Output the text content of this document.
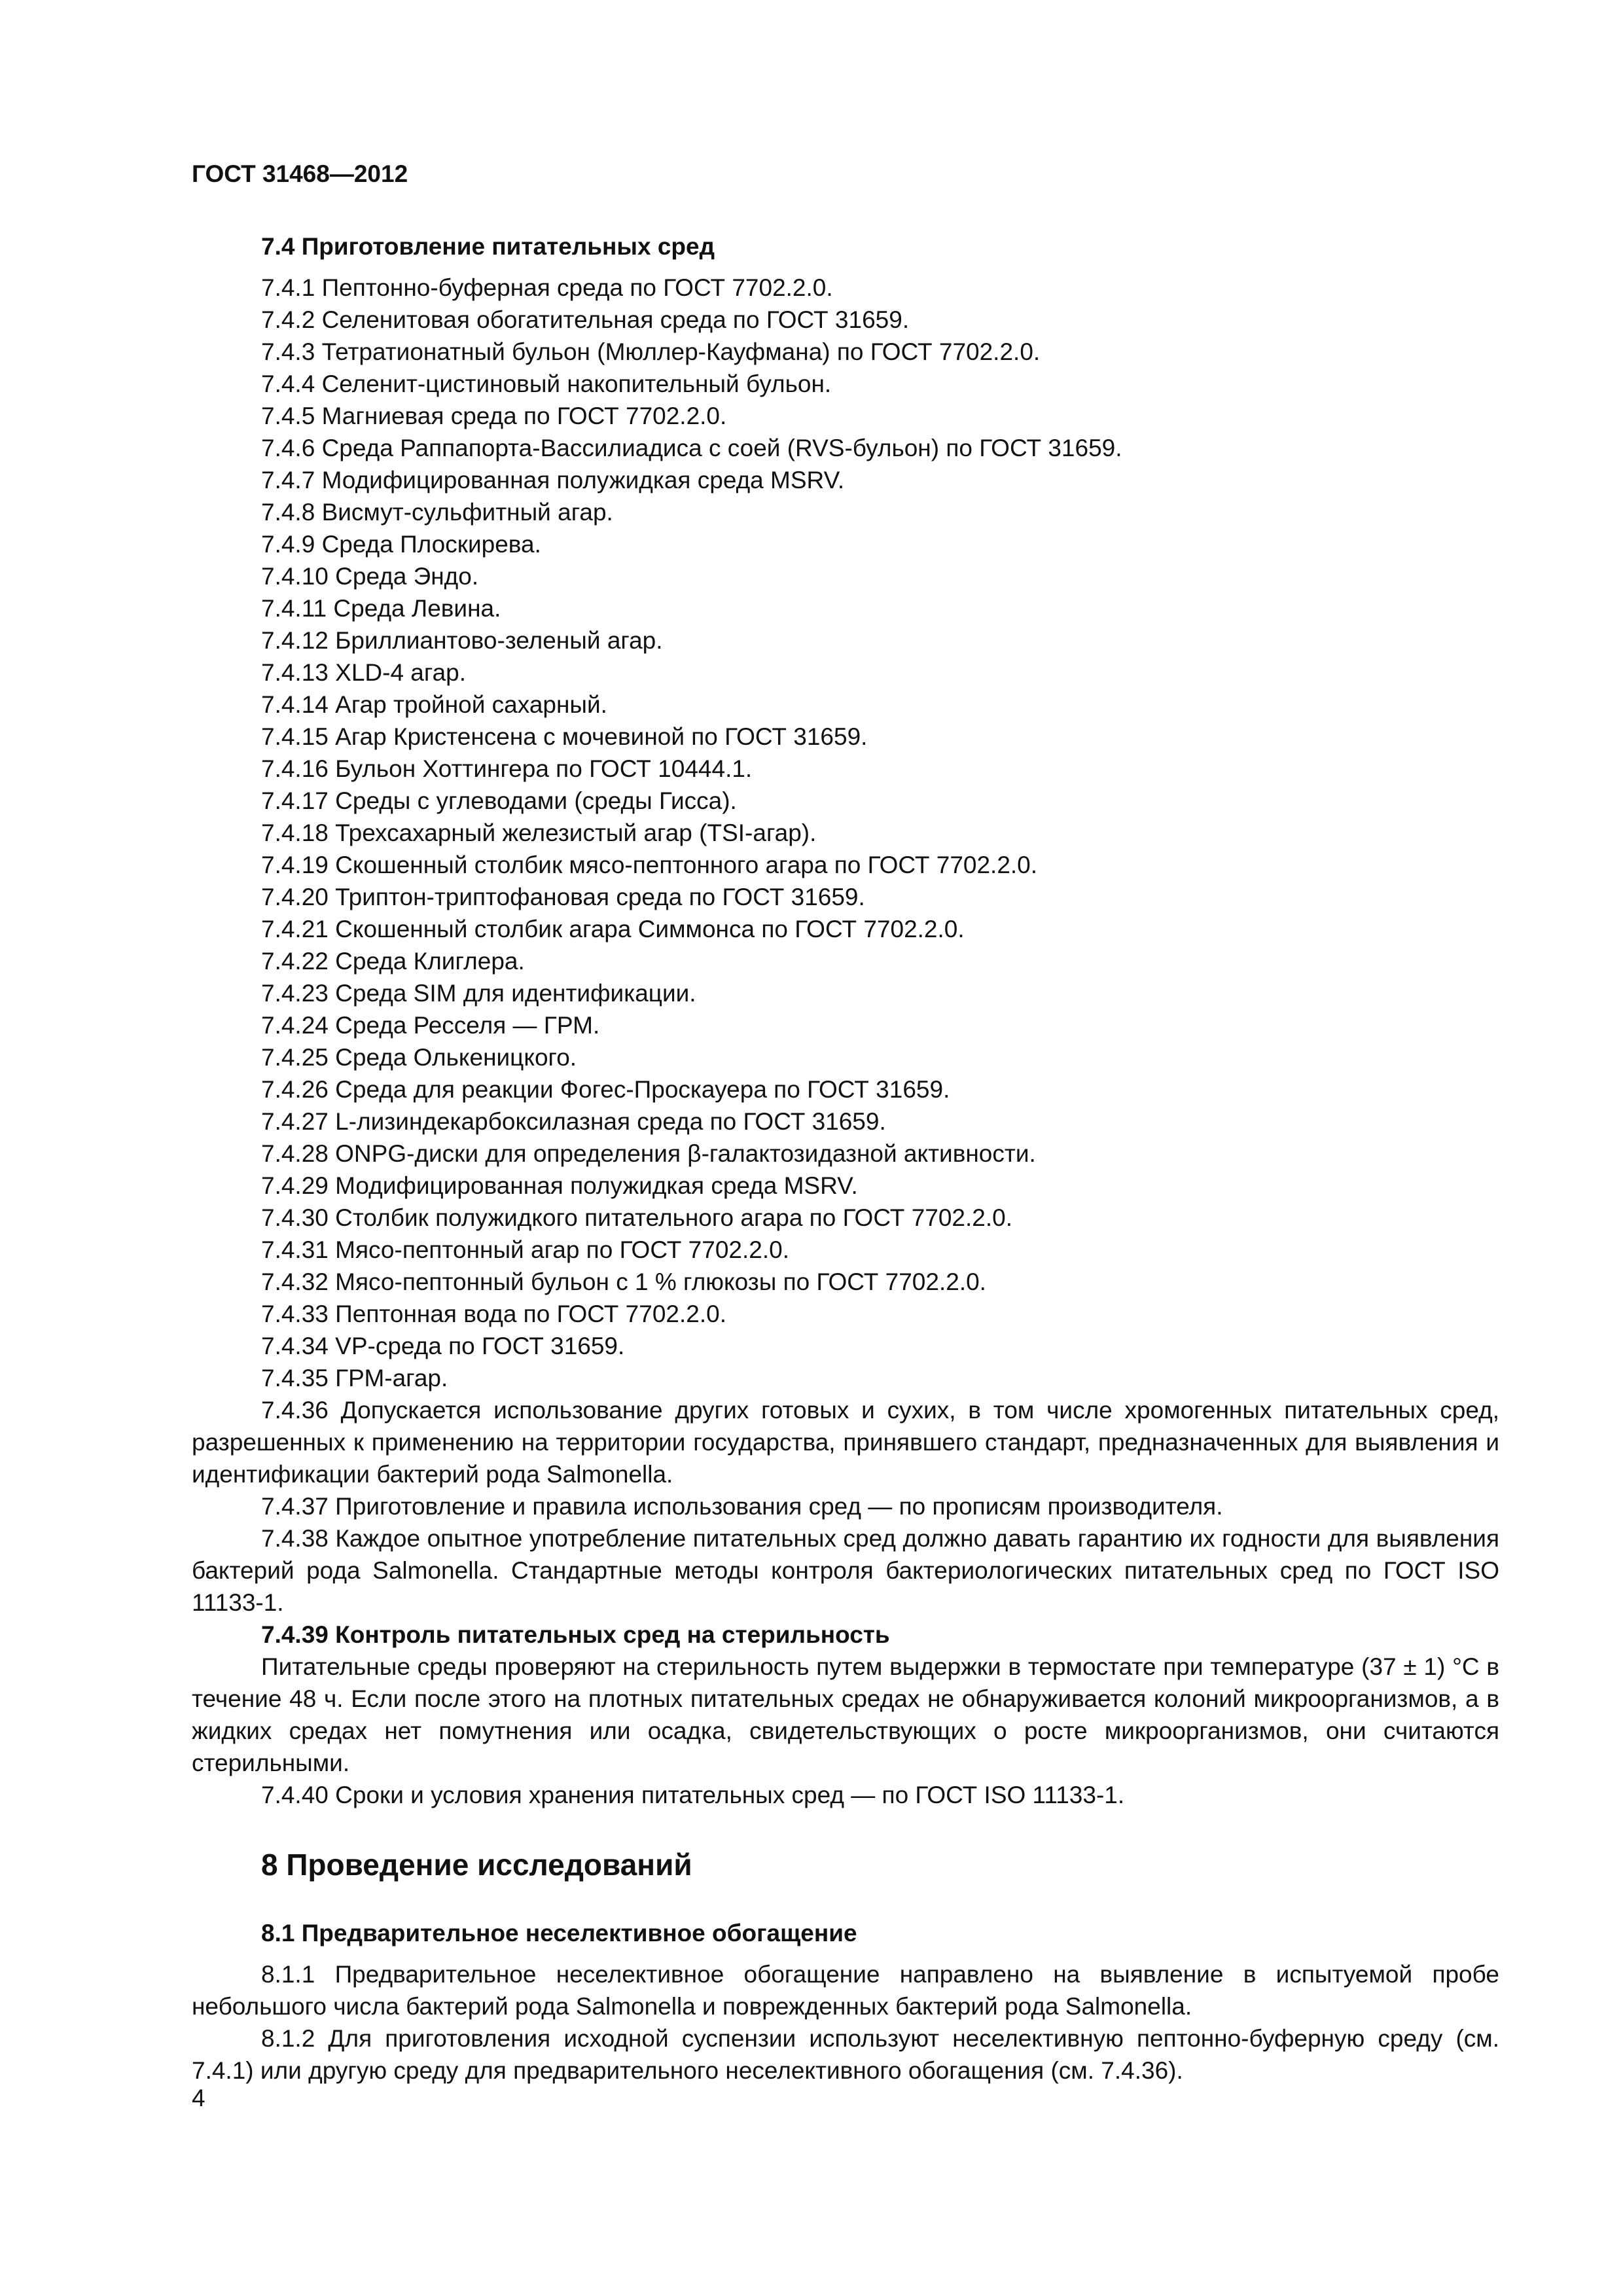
ГОСТ 31468—2012
7.4 Приготовление питательных сред
7.4.1 Пептонно-буферная среда по ГОСТ 7702.2.0.
7.4.2 Селенитовая обогатительная среда по ГОСТ 31659.
7.4.3 Тетратионатный бульон (Мюллер-Кауфмана) по ГОСТ 7702.2.0.
7.4.4 Селенит-цистиновый накопительный бульон.
7.4.5 Магниевая среда по ГОСТ 7702.2.0.
7.4.6 Среда Раппапорта-Вассилиадиса с соей (RVS-бульон) по ГОСТ 31659.
7.4.7 Модифицированная полужидкая среда MSRV.
7.4.8 Висмут-сульфитный агар.
7.4.9 Среда Плоскирева.
7.4.10 Среда Эндо.
7.4.11 Среда Левина.
7.4.12 Бриллиантово-зеленый агар.
7.4.13 XLD-4 агар.
7.4.14 Агар тройной сахарный.
7.4.15 Агар Кристенсена с мочевиной по ГОСТ 31659.
7.4.16 Бульон Хоттингера по ГОСТ 10444.1.
7.4.17 Среды с углеводами (среды Гисса).
7.4.18 Трехсахарный железистый агар (TSI-агар).
7.4.19 Скошенный столбик мясо-пептонного агара по ГОСТ 7702.2.0.
7.4.20 Триптон-триптофановая среда по ГОСТ 31659.
7.4.21 Скошенный столбик агара Симмонса по ГОСТ 7702.2.0.
7.4.22 Среда Клиглера.
7.4.23 Среда SIM для идентификации.
7.4.24 Среда Ресселя — ГРМ.
7.4.25 Среда Олькеницкого.
7.4.26 Среда для реакции Фогес-Проскауера по ГОСТ 31659.
7.4.27 L-лизиндекарбоксилазная среда по ГОСТ 31659.
7.4.28 ONPG-диски для определения β-галактозидазной активности.
7.4.29 Модифицированная полужидкая среда MSRV.
7.4.30 Столбик полужидкого питательного агара по ГОСТ 7702.2.0.
7.4.31 Мясо-пептонный агар по ГОСТ 7702.2.0.
7.4.32 Мясо-пептонный бульон с 1 % глюкозы по ГОСТ 7702.2.0.
7.4.33 Пептонная вода по ГОСТ 7702.2.0.
7.4.34 VP-среда по ГОСТ 31659.
7.4.35 ГРМ-агар.
7.4.36 Допускается использование других готовых и сухих, в том числе хромогенных питательных сред, разрешенных к применению на территории государства, принявшего стандарт, предназначенных для выявления и идентификации бактерий рода Salmonella.
7.4.37 Приготовление и правила использования сред — по прописям производителя.
7.4.38 Каждое опытное употребление питательных сред должно давать гарантию их годности для выявления бактерий рода Salmonella. Стандартные методы контроля бактериологических питательных сред по ГОСТ ISO 11133-1.
7.4.39 Контроль питательных сред на стерильность
Питательные среды проверяют на стерильность путем выдержки в термостате при температуре (37 ± 1) °С в течение 48 ч. Если после этого на плотных питательных средах не обнаруживается колоний микроорганизмов, а в жидких средах нет помутнения или осадка, свидетельствующих о росте микроорганизмов, они считаются стерильными.
7.4.40 Сроки и условия хранения питательных сред — по ГОСТ ISO 11133-1.
8 Проведение исследований
8.1 Предварительное неселективное обогащение
8.1.1 Предварительное неселективное обогащение направлено на выявление в испытуемой пробе небольшого числа бактерий рода Salmonella и поврежденных бактерий рода Salmonella.
8.1.2 Для приготовления исходной суспензии используют неселективную пептонно-буферную среду (см. 7.4.1) или другую среду для предварительного неселективного обогащения (см. 7.4.36).
4
